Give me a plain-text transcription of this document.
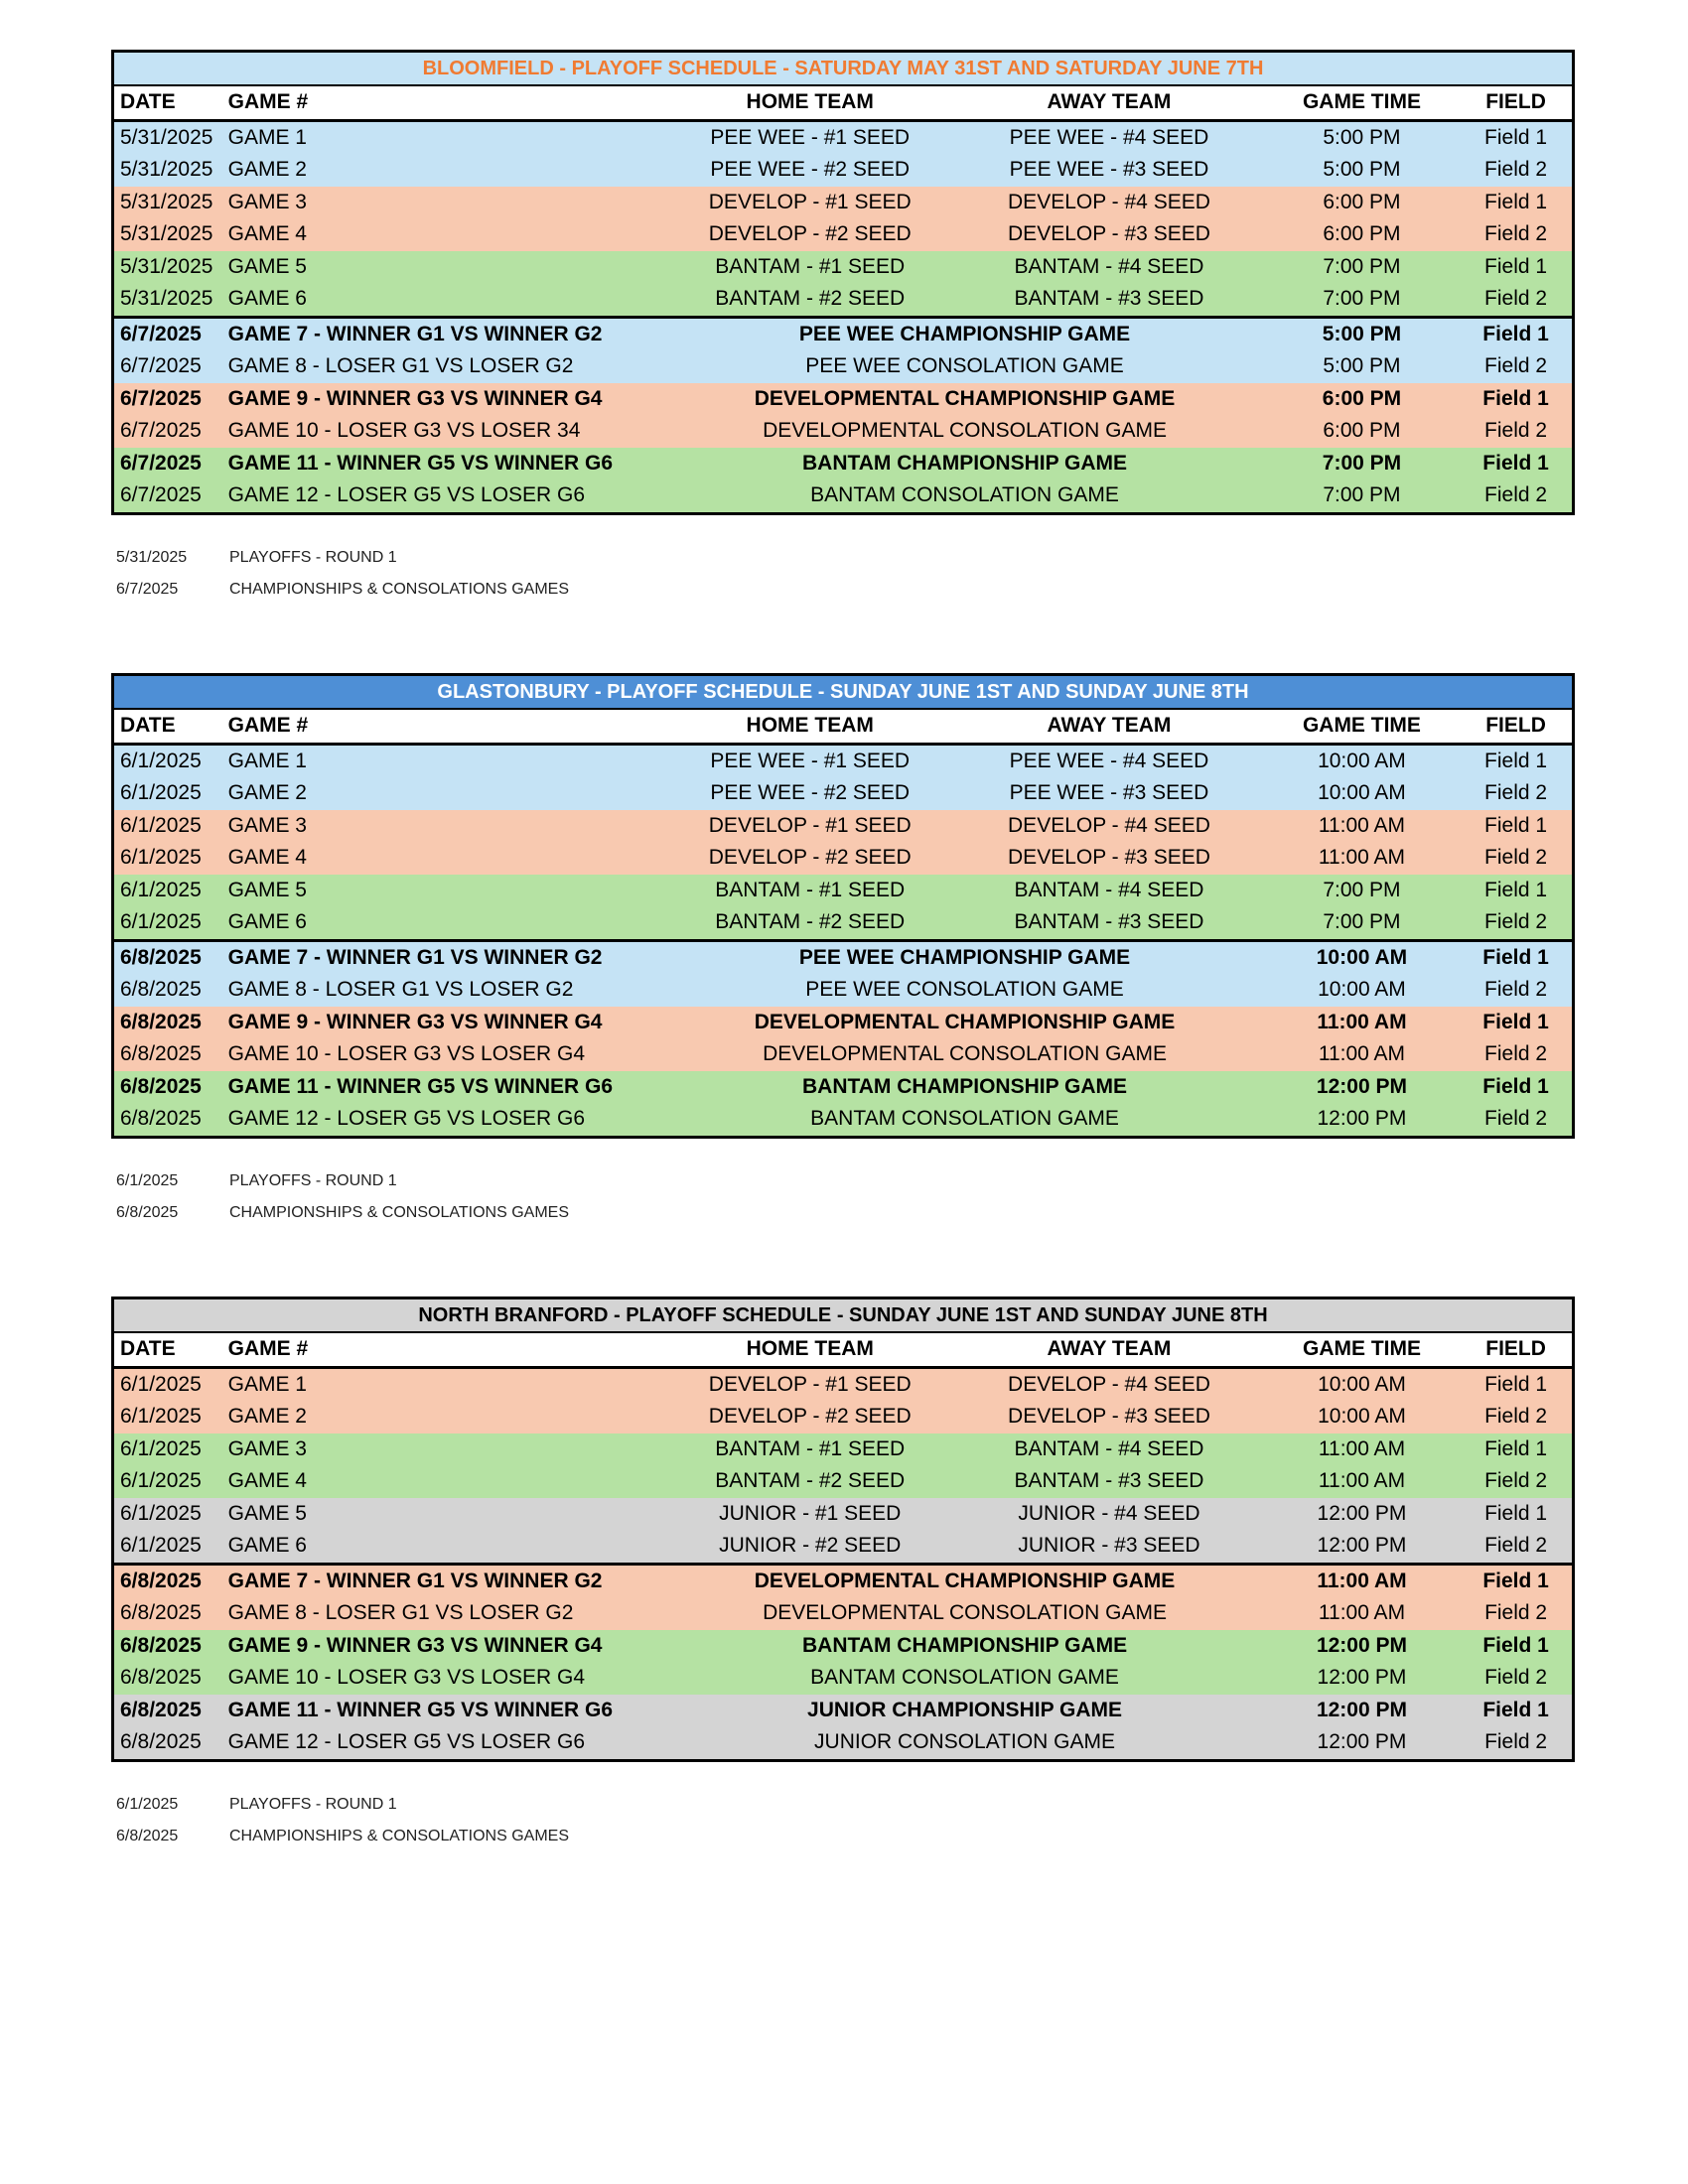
BLOOMFIELD - PLAYOFF SCHEDULE - SATURDAY MAY 31ST AND SATURDAY JUNE 7TH					
DATE	GAME #	HOME TEAM	AWAY TEAM	GAME TIME	FIELD
5/31/2025	GAME 1	PEE WEE - #1 SEED	PEE WEE - #4 SEED	5:00 PM	Field 1
5/31/2025	GAME 2	PEE WEE - #2 SEED	PEE WEE - #3 SEED	5:00 PM	Field 2
5/31/2025	GAME 3	DEVELOP - #1 SEED	DEVELOP - #4 SEED	6:00 PM	Field 1
5/31/2025	GAME 4	DEVELOP - #2 SEED	DEVELOP - #3 SEED	6:00 PM	Field 2
5/31/2025	GAME 5	BANTAM - #1 SEED	BANTAM - #4 SEED	7:00 PM	Field 1
5/31/2025	GAME 6	BANTAM - #2 SEED	BANTAM - #3 SEED	7:00 PM	Field 2
6/7/2025	GAME 7 - WINNER G1 VS WINNER G2	PEE WEE CHAMPIONSHIP GAME		5:00 PM	Field 1
6/7/2025	GAME 8 - LOSER G1 VS LOSER G2	PEE WEE CONSOLATION GAME		5:00 PM	Field 2
6/7/2025	GAME 9 - WINNER G3 VS WINNER G4	DEVELOPMENTAL CHAMPIONSHIP GAME		6:00 PM	Field 1
6/7/2025	GAME 10 - LOSER G3 VS LOSER 34	DEVELOPMENTAL CONSOLATION GAME		6:00 PM	Field 2
6/7/2025	GAME 11 - WINNER G5 VS WINNER G6	BANTAM CHAMPIONSHIP GAME		7:00 PM	Field 1
6/7/2025	GAME 12 - LOSER G5 VS LOSER G6	BANTAM CONSOLATION GAME		7:00 PM	Field 2
5/31/2025	PLAYOFFS - ROUND 1
6/7/2025	CHAMPIONSHIPS & CONSOLATIONS GAMES
GLASTONBURY - PLAYOFF SCHEDULE - SUNDAY JUNE 1ST AND SUNDAY JUNE 8TH					
DATE	GAME #	HOME TEAM	AWAY TEAM	GAME TIME	FIELD
6/1/2025	GAME 1	PEE WEE - #1 SEED	PEE WEE - #4 SEED	10:00 AM	Field 1
6/1/2025	GAME 2	PEE WEE - #2 SEED	PEE WEE - #3 SEED	10:00 AM	Field 2
6/1/2025	GAME 3	DEVELOP - #1 SEED	DEVELOP - #4 SEED	11:00 AM	Field 1
6/1/2025	GAME 4	DEVELOP - #2 SEED	DEVELOP - #3 SEED	11:00 AM	Field 2
6/1/2025	GAME 5	BANTAM - #1 SEED	BANTAM - #4 SEED	7:00 PM	Field 1
6/1/2025	GAME 6	BANTAM - #2 SEED	BANTAM - #3 SEED	7:00 PM	Field 2
6/8/2025	GAME 7 - WINNER G1 VS WINNER G2	PEE WEE CHAMPIONSHIP GAME		10:00 AM	Field 1
6/8/2025	GAME 8 - LOSER G1 VS LOSER G2	PEE WEE CONSOLATION GAME		10:00 AM	Field 2
6/8/2025	GAME 9 - WINNER G3 VS WINNER G4	DEVELOPMENTAL CHAMPIONSHIP GAME		11:00 AM	Field 1
6/8/2025	GAME 10 - LOSER G3 VS LOSER G4	DEVELOPMENTAL CONSOLATION GAME		11:00 AM	Field 2
6/8/2025	GAME 11 - WINNER G5 VS WINNER G6	BANTAM CHAMPIONSHIP GAME		12:00 PM	Field 1
6/8/2025	GAME 12 - LOSER G5 VS LOSER G6	BANTAM CONSOLATION GAME		12:00 PM	Field 2
6/1/2025	PLAYOFFS - ROUND 1
6/8/2025	CHAMPIONSHIPS & CONSOLATIONS GAMES
NORTH BRANFORD - PLAYOFF SCHEDULE - SUNDAY JUNE 1ST AND SUNDAY JUNE 8TH					
DATE	GAME #	HOME TEAM	AWAY TEAM	GAME TIME	FIELD
6/1/2025	GAME 1	DEVELOP - #1 SEED	DEVELOP - #4 SEED	10:00 AM	Field 1
6/1/2025	GAME 2	DEVELOP - #2 SEED	DEVELOP - #3 SEED	10:00 AM	Field 2
6/1/2025	GAME 3	BANTAM - #1 SEED	BANTAM - #4 SEED	11:00 AM	Field 1
6/1/2025	GAME 4	BANTAM - #2 SEED	BANTAM - #3 SEED	11:00 AM	Field 2
6/1/2025	GAME 5	JUNIOR - #1 SEED	JUNIOR - #4 SEED	12:00 PM	Field 1
6/1/2025	GAME 6	JUNIOR - #2 SEED	JUNIOR - #3 SEED	12:00 PM	Field 2
6/8/2025	GAME 7 - WINNER G1 VS WINNER G2	DEVELOPMENTAL CHAMPIONSHIP GAME		11:00 AM	Field 1
6/8/2025	GAME 8 - LOSER G1 VS LOSER G2	DEVELOPMENTAL CONSOLATION GAME		11:00 AM	Field 2
6/8/2025	GAME 9 - WINNER G3 VS WINNER G4	BANTAM CHAMPIONSHIP GAME		12:00 PM	Field 1
6/8/2025	GAME 10 - LOSER G3 VS LOSER G4	BANTAM CONSOLATION GAME		12:00 PM	Field 2
6/8/2025	GAME 11 - WINNER G5 VS WINNER G6	JUNIOR CHAMPIONSHIP GAME		12:00 PM	Field 1
6/8/2025	GAME 12 - LOSER G5 VS LOSER G6	JUNIOR CONSOLATION GAME		12:00 PM	Field 2
6/1/2025	PLAYOFFS - ROUND 1
6/8/2025	CHAMPIONSHIPS & CONSOLATIONS GAMES
